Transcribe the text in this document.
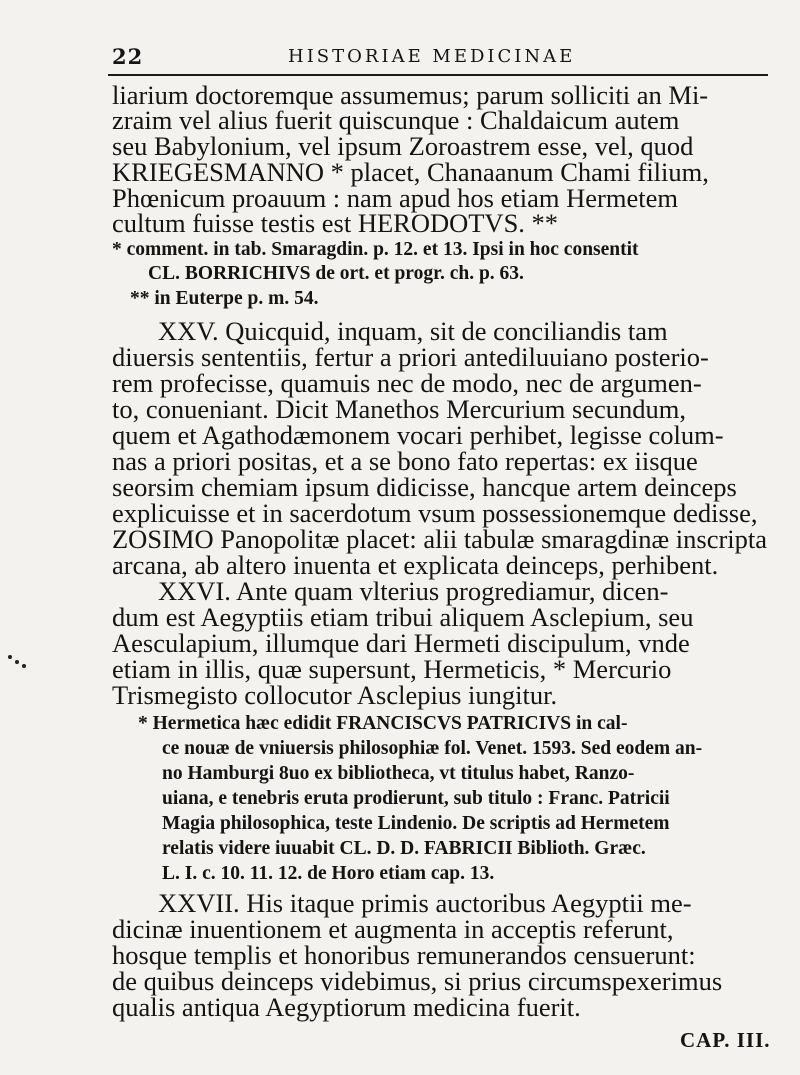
22	HISTORIAE MEDICINAE
liarium doctoremque assumemus; parum solliciti an Mi-
zraim vel alius fuerit quiscunque : Chaldaicum autem
seu Babylonium, vel ipsum Zoroastrem esse, vel, quod
KRIEGESMANNO * placet, Chanaanum Chami filium,
Phœnicum proauum : nam apud hos etiam Hermetem
cultum fuisse testis est HERODOTVS. **
* comment. in tab. Smaragdin. p. 12. et 13. Ipsi in hoc consentit
CL. BORRICHIVS de ort. et progr. ch. p. 63.
** in Euterpe p. m. 54.
XXV. Quicquid, inquam, sit de conciliandis tam
diuersis sententiis, fertur a priori antediluuiano posterio-
rem profecisse, quamuis nec de modo, nec de argumen-
to, conueniant. Dicit Manethos Mercurium secundum,
quem et Agathodæmonem vocari perhibet, legisse colum-
nas a priori positas, et a se bono fato repertas: ex iisque
seorsim chemiam ipsum didicisse, hancque artem deinceps
explicuisse et in sacerdotum vsum possessionemque dedisse,
ZOSIMO Panopolitæ placet: alii tabulæ smaragdinæ inscripta
arcana, ab altero inuenta et explicata deinceps, perhibent.
XXVI. Ante quam vlterius progrediamur, dicen-
dum est Aegyptiis etiam tribui aliquem Asclepium, seu
Aesculapium, illumque dari Hermeti discipulum, vnde
etiam in illis, quæ supersunt, Hermeticis, * Mercurio
Trismegisto collocutor Asclepius iungitur.
* Hermetica hæc edidit FRANCISCVS PATRICIVS in cal-
ce nouæ de vniuersis philosophiæ fol. Venet. 1593. Sed eodem an-
no Hamburgi 8uo ex bibliotheca, vt titulus habet, Ranzo-
uiana, e tenebris eruta prodierunt, sub titulo : Franc. Patricii
Magia philosophica, teste Lindenio. De scriptis ad Hermetem
relatis videre iuuabit CL. D. D. FABRICII Biblioth. Græc.
L. I. c. 10. 11. 12. de Horo etiam cap. 13.
XXVII. His itaque primis auctoribus Aegyptii me-
dicinæ inuentionem et augmenta in acceptis referunt,
hosque templis et honoribus remunerandos censuerunt:
de quibus deinceps videbimus, si prius circumspexerimus
qualis antiqua Aegyptiorum medicina fuerit.
CAP. III.
